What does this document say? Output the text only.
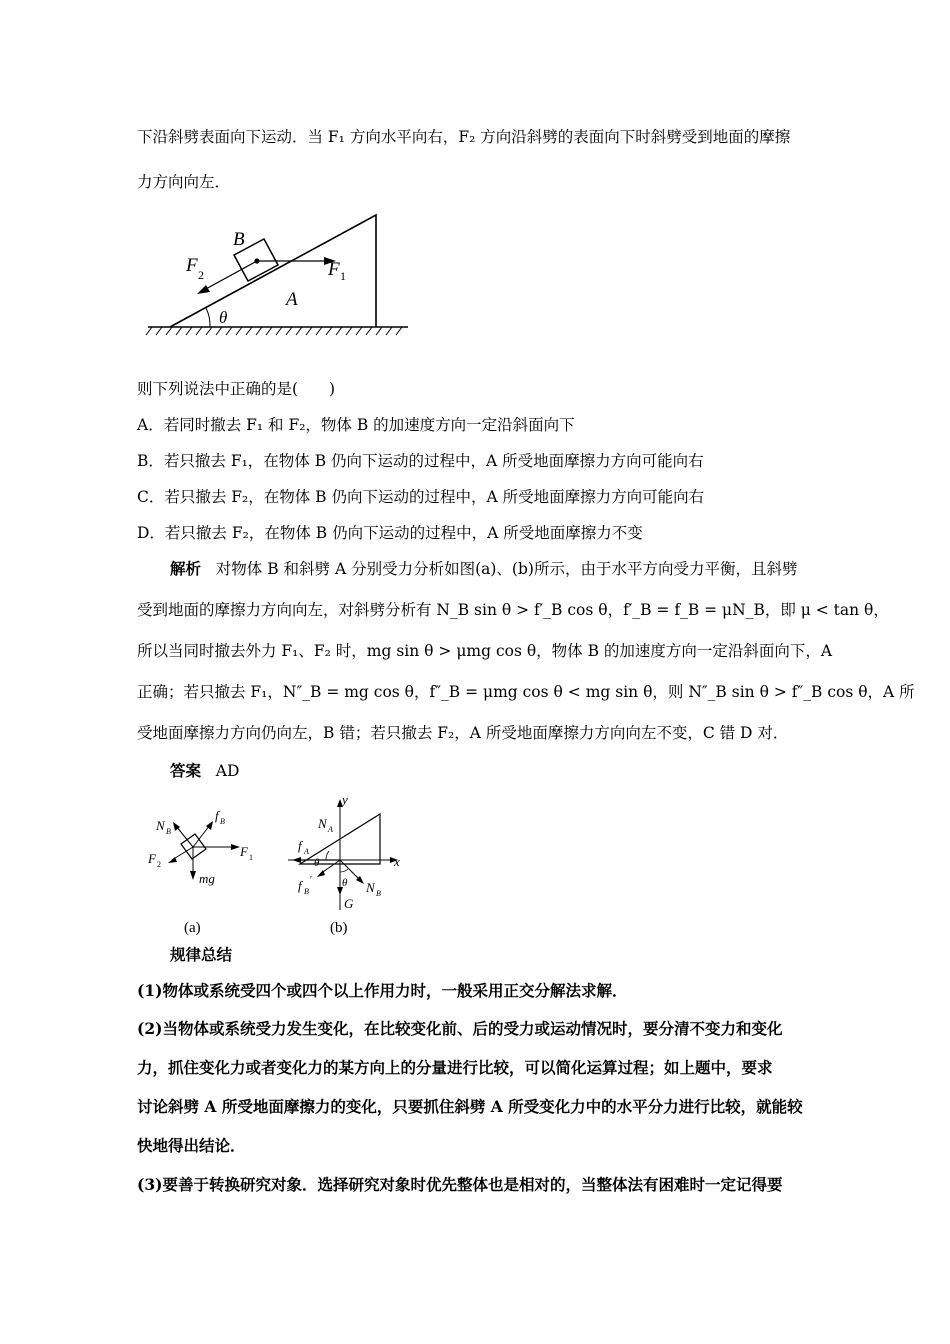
下沿斜劈表面向下运动．当 F₁ 方向水平向右，F₂ 方向沿斜劈的表面向下时斜劈受到地面的摩擦
力方向向左．
B
F 1
F 2
A
θ
则下列说法中正确的是(　　)
A．若同时撤去 F₁ 和 F₂，物体 B 的加速度方向一定沿斜面向下
B．若只撤去 F₁，在物体 B 仍向下运动的过程中，A 所受地面摩擦力方向可能向右
C．若只撤去 F₂，在物体 B 仍向下运动的过程中，A 所受地面摩擦力方向可能向右
D．若只撤去 F₂，在物体 B 仍向下运动的过程中，A 所受地面摩擦力不变
解析 对物体 B 和斜劈 A 分别受力分析如图(a)、(b)所示，由于水平方向受力平衡，且斜劈
受到地面的摩擦力方向向左，对斜劈分析有 N_B sin θ > f′_B cos θ，f′_B = f_B = μN_B，即 μ < tan θ，
所以当同时撤去外力 F₁、F₂ 时，mg sin θ > μmg cos θ，物体 B 的加速度方向一定沿斜面向下，A
正确；若只撤去 F₁，N″_B = mg cos θ，f″_B = μmg cos θ < mg sin θ，则 N″_B sin θ > f″_B cos θ，A 所
受地面摩擦力方向仍向左，B 错；若只撤去 F₂，A 所受地面摩擦力方向向左不变，C 错 D 对．
答案 AD
N B
f B
F 2
F 1
mg
(a)
y
N A
f A
θ	x
f B
′	θ N B
G
(b)
规律总结
(1)物体或系统受四个或四个以上作用力时，一般采用正交分解法求解．
(2)当物体或系统受力发生变化，在比较变化前、后的受力或运动情况时，要分清不变力和变化
力，抓住变化力或者变化力的某方向上的分量进行比较，可以简化运算过程；如上题中，要求
讨论斜劈 A 所受地面摩擦力的变化，只要抓住斜劈 A 所受变化力中的水平分力进行比较，就能较
快地得出结论．
(3)要善于转换研究对象．选择研究对象时优先整体也是相对的，当整体法有困难时一定记得要
